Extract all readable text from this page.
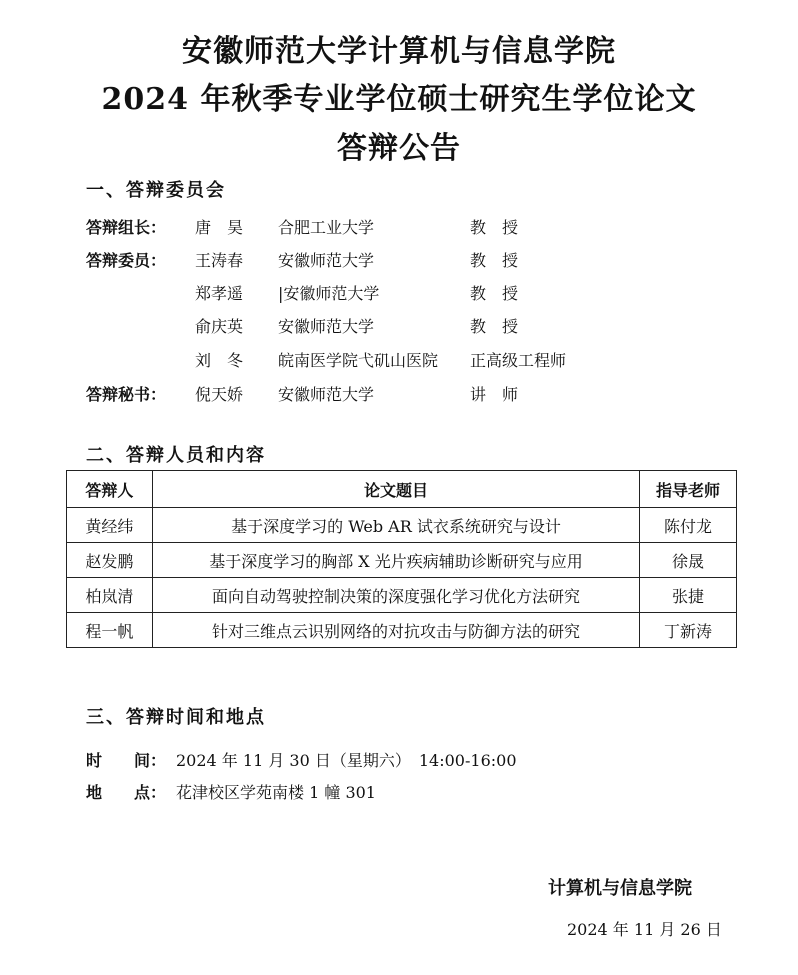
安徽师范大学计算机与信息学院
2024 年秋季专业学位硕士研究生学位论文
答辩公告
一、答辩委员会
答辩组长： 唐　昊 合肥工业大学	教　授
答辩委员： 王涛春 安徽师范大学	教　授
郑孝遥 |安徽师范大学	教　授
俞庆英 安徽师范大学	教　授
刘　冬 皖南医学院弋矶山医院 正高级工程师
答辩秘书： 倪天娇 安徽师范大学	讲　师
二、答辩人员和内容
答辩人	论文题目	指导老师
黄经纬	基于深度学习的 Web AR 试衣系统研究与设计	陈付龙
赵发鹏	基于深度学习的胸部 X 光片疾病辅助诊断研究与应用	徐晟
柏岚清	面向自动驾驶控制决策的深度强化学习优化方法研究	张捷
程一帆	针对三维点云识别网络的对抗攻击与防御方法的研究	丁新涛
三、答辩时间和地点
时　　间： 2024 年 11 月 30 日（星期六）　14:00-16:00
地　　点： 花津校区学苑南楼 1 幢 301
计算机与信息学院
2024 年 11 月 26 日
